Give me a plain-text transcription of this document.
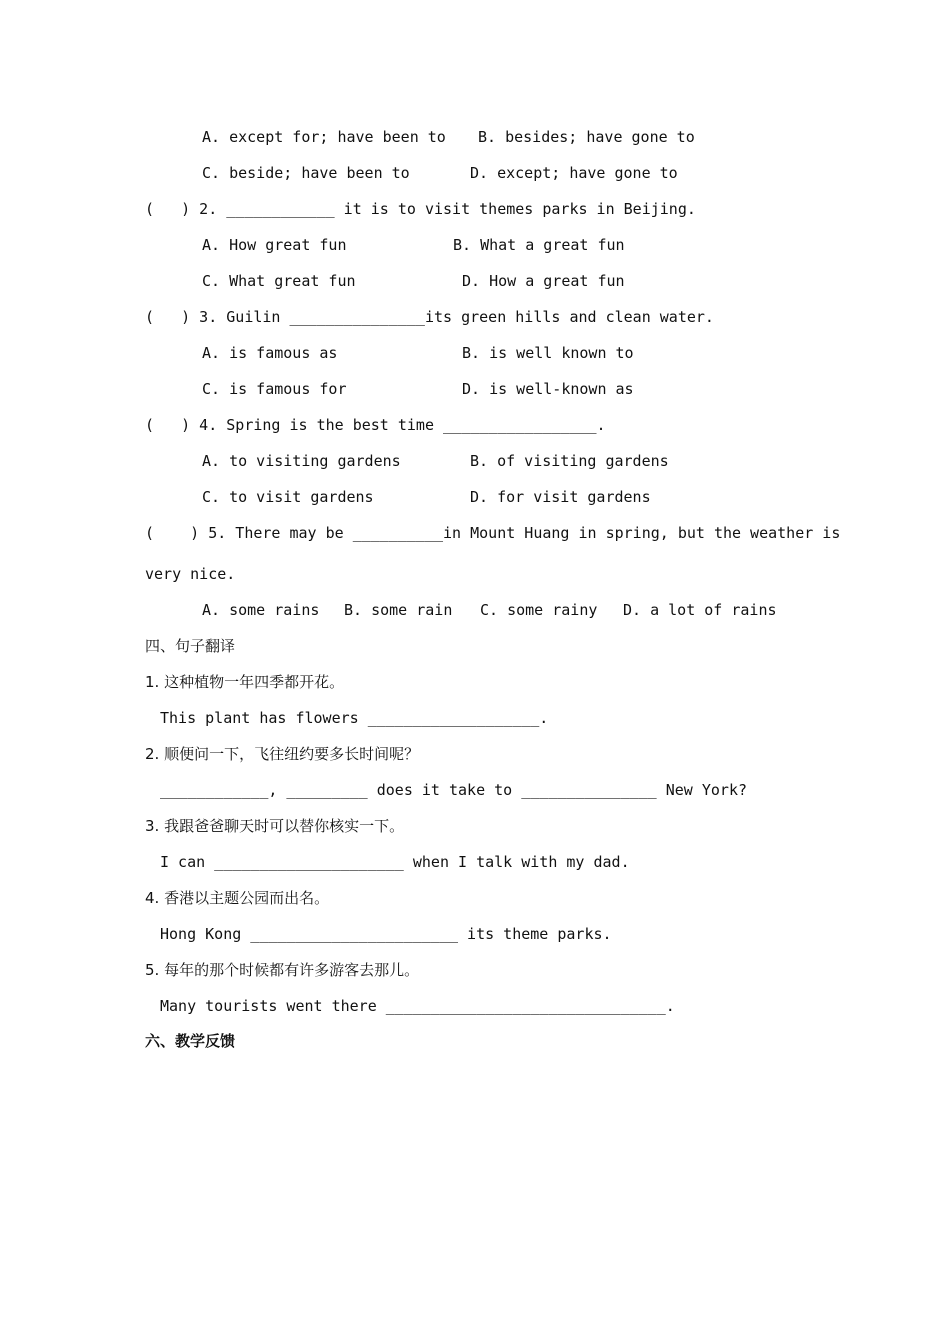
A. except for; have been to B. besides; have gone to
C. beside; have been to	D. except; have gone to
(   ) 2. ____________ it is to visit themes parks in Beijing.
A. How great fun	B. What a great fun
C. What great fun	D. How a great fun
(   ) 3. Guilin _______________its green hills and clean water.
A. is famous as	B. is well known to
C. is famous for	D. is well-known as
(   ) 4. Spring is the best time _________________.
A. to visiting gardens	B. of visiting gardens
C. to visit gardens	D. for visit gardens
(    ) 5. There may be __________in Mount Huang in spring, but the weather is
very nice.
A. some rains B. some rain C. some rainy D. a lot of rains
四、句子翻译
1. 这种植物一年四季都开花。
This plant has flowers ___________________.
2. 顺便问一下，飞往纽约要多长时间呢？
____________, _________ does it take to _______________ New York?
3. 我跟爸爸聊天时可以替你核实一下。
I can _____________________ when I talk with my dad.
4. 香港以主题公园而出名。
Hong Kong _______________________ its theme parks.
5. 每年的那个时候都有许多游客去那儿。
Many tourists went there _______________________________.
六、教学反馈
